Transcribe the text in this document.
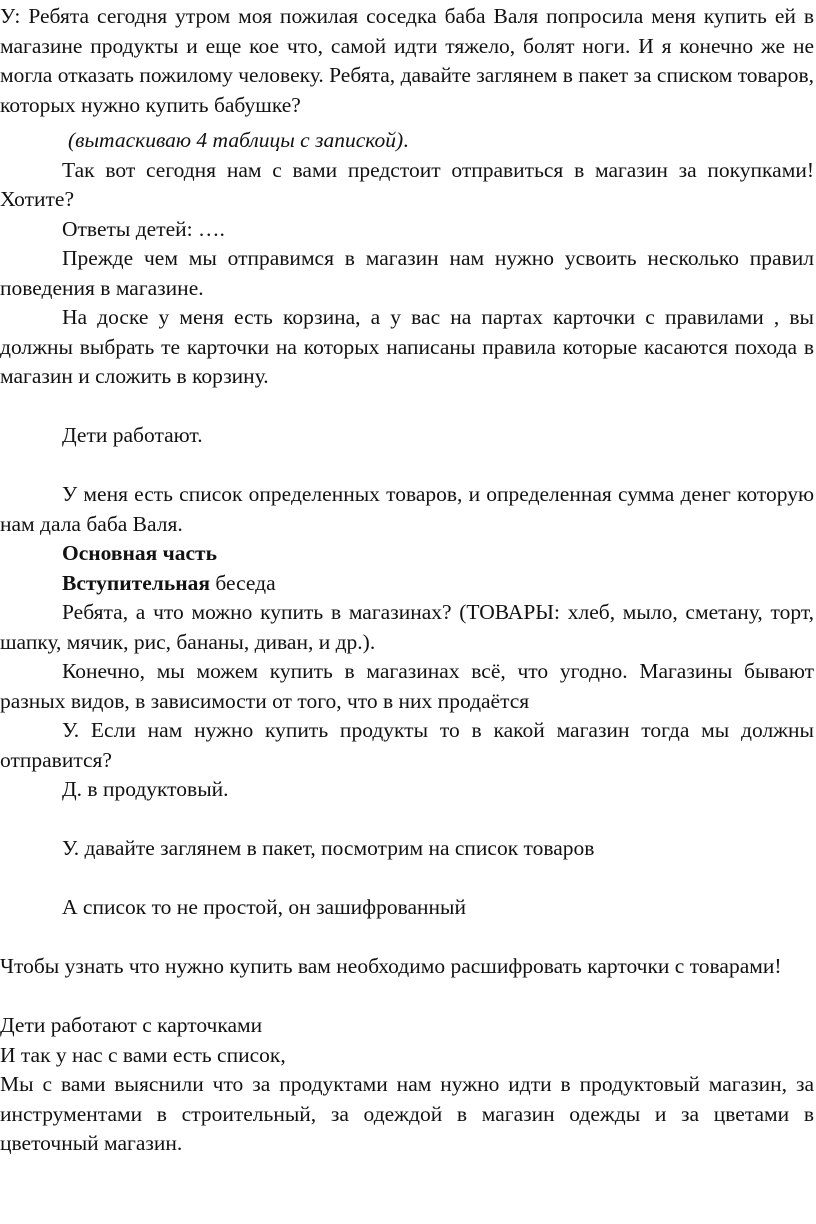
У: Ребята сегодня утром моя пожилая соседка баба Валя попросила меня купить ей в магазине продукты и еще кое что, самой идти тяжело, болят ноги. И я конечно же не могла отказать пожилому человеку. Ребята, давайте заглянем в пакет за списком товаров, которых нужно купить бабушке?

(вытаскиваю 4 таблицы с запиской).

Так вот сегодня нам с вами предстоит отправиться в магазин за покупками! Хотите?

Ответы детей: ….

Прежде чем мы отправимся в магазин нам нужно усвоить несколько правил поведения в магазине.

На доске у меня есть корзина, а у вас на партах карточки с правилами , вы должны выбрать те карточки на которых написаны правила которые касаются похода в магазин и сложить в корзину.

Дети работают.

У меня есть список определенных товаров, и определенная сумма денег которую нам дала баба Валя.

Основная часть

Вступительная беседа

Ребята, а что можно купить в магазинах? (ТОВАРЫ: хлеб, мыло, сметану, торт, шапку, мячик, рис, бананы, диван, и др.).

Конечно, мы можем купить в магазинах всё, что угодно. Магазины бывают разных видов, в зависимости от того, что в них продаётся

У. Если нам нужно купить продукты то в какой магазин тогда мы должны отправится?

Д. в продуктовый.

У. давайте заглянем в пакет, посмотрим на список товаров

А список то не простой, он зашифрованный

Чтобы узнать что нужно купить вам необходимо расшифровать карточки с товарами!

Дети работают с карточками

И так у нас с вами есть список,

Мы с вами выяснили что за продуктами нам нужно идти в продуктовый магазин, за инструментами в строительный, за одеждой в магазин одежды и за цветами в цветочный магазин.
